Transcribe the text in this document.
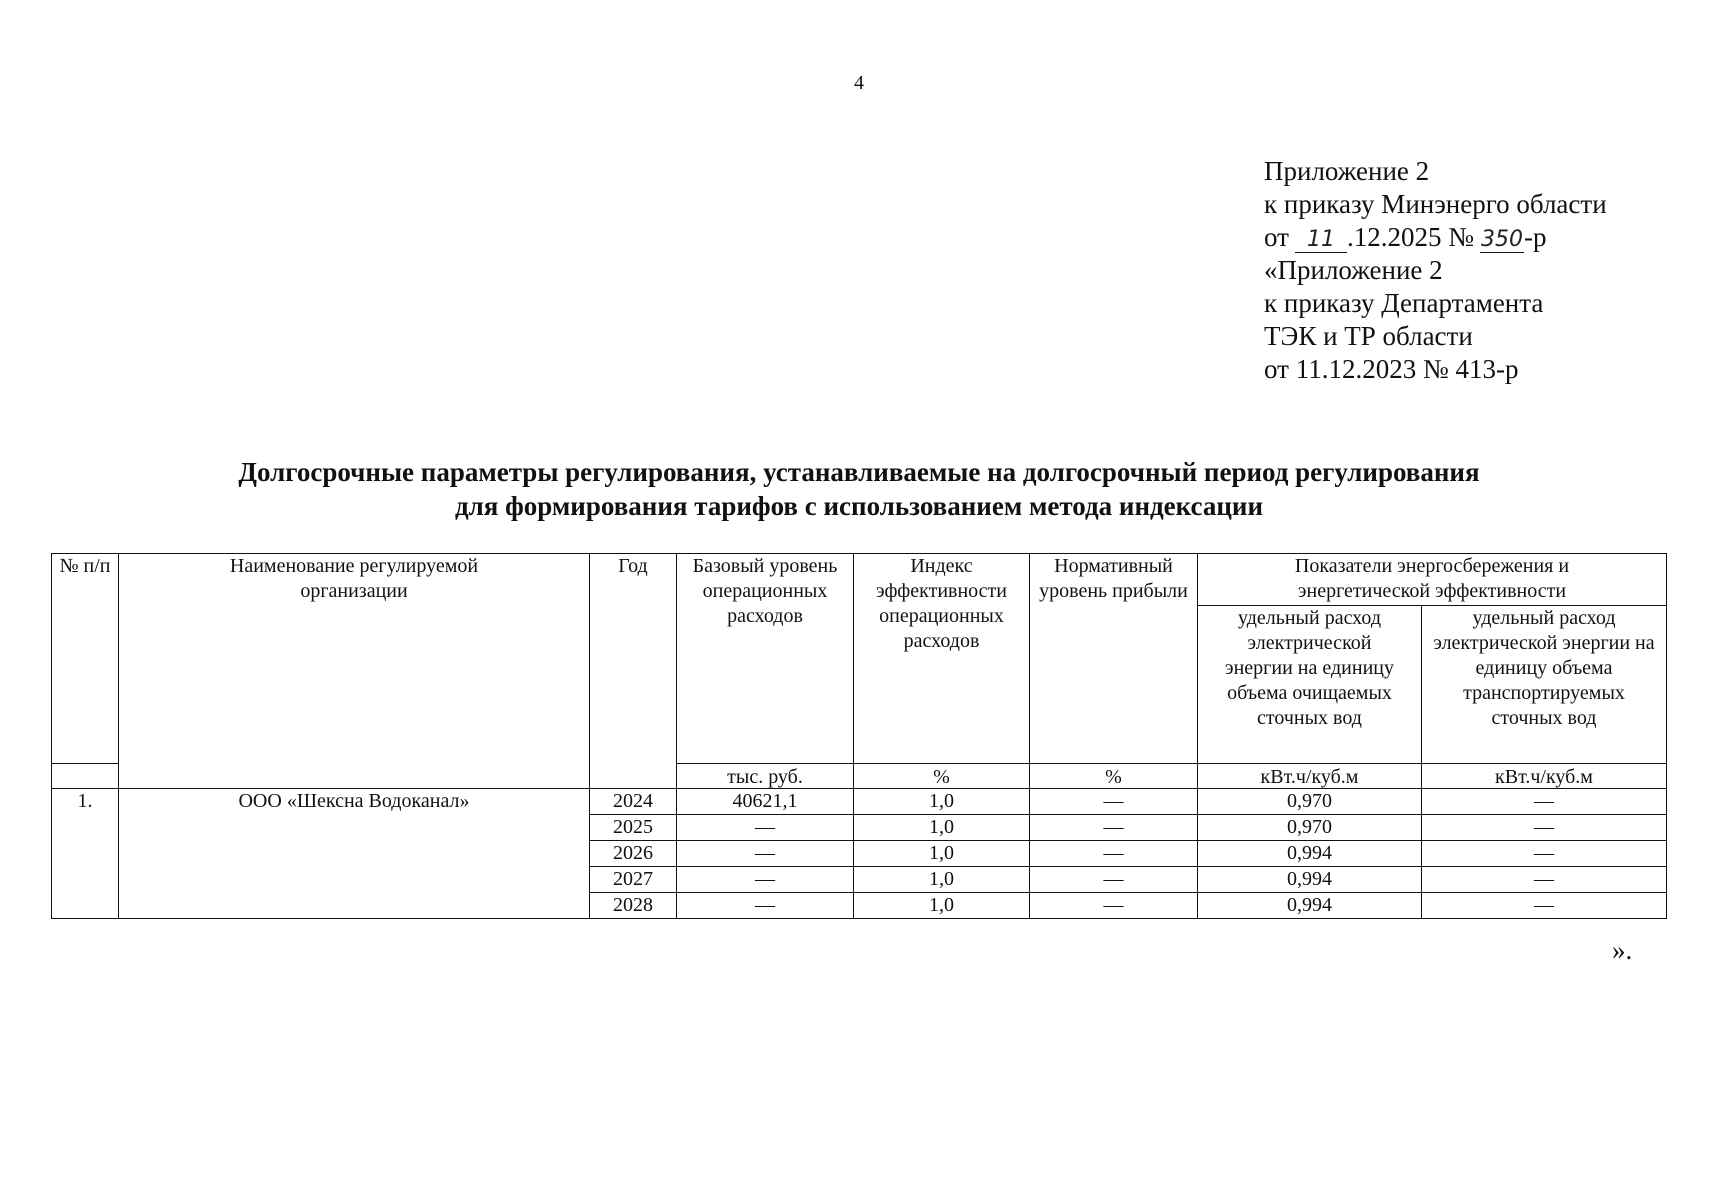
4
Приложение 2
к приказу Минэнерго области
от 11 .12.2025 № 350-р
«Приложение 2
к приказу Департамента
ТЭК и ТР области
от 11.12.2023 № 413-р
Долгосрочные параметры регулирования, устанавливаемые на долгосрочный период регулирования
для формирования тарифов с использованием метода индексации
№ п/п	Наименование регулируемой организации	Год	Базовый уровень операционных расходов	Индекс эффективности операционных расходов	Нормативный уровень прибыли	Показатели энергосбережения и энергетической эффективности	
						удельный расход электрической энергии на единицу объема очищаемых сточных вод	удельный расход электрической энергии на единицу объема транспортируемых сточных вод
			тыс. руб.	%	%	кВт.ч/куб.м	кВт.ч/куб.м
1.	ООО «Шексна Водоканал»	2024	40621,1	1,0	—	0,970	—
		2025	—	1,0	—	0,970	—
		2026	—	1,0	—	0,994	—
		2027	—	1,0	—	0,994	—
		2028	—	1,0	—	0,994	—
».
